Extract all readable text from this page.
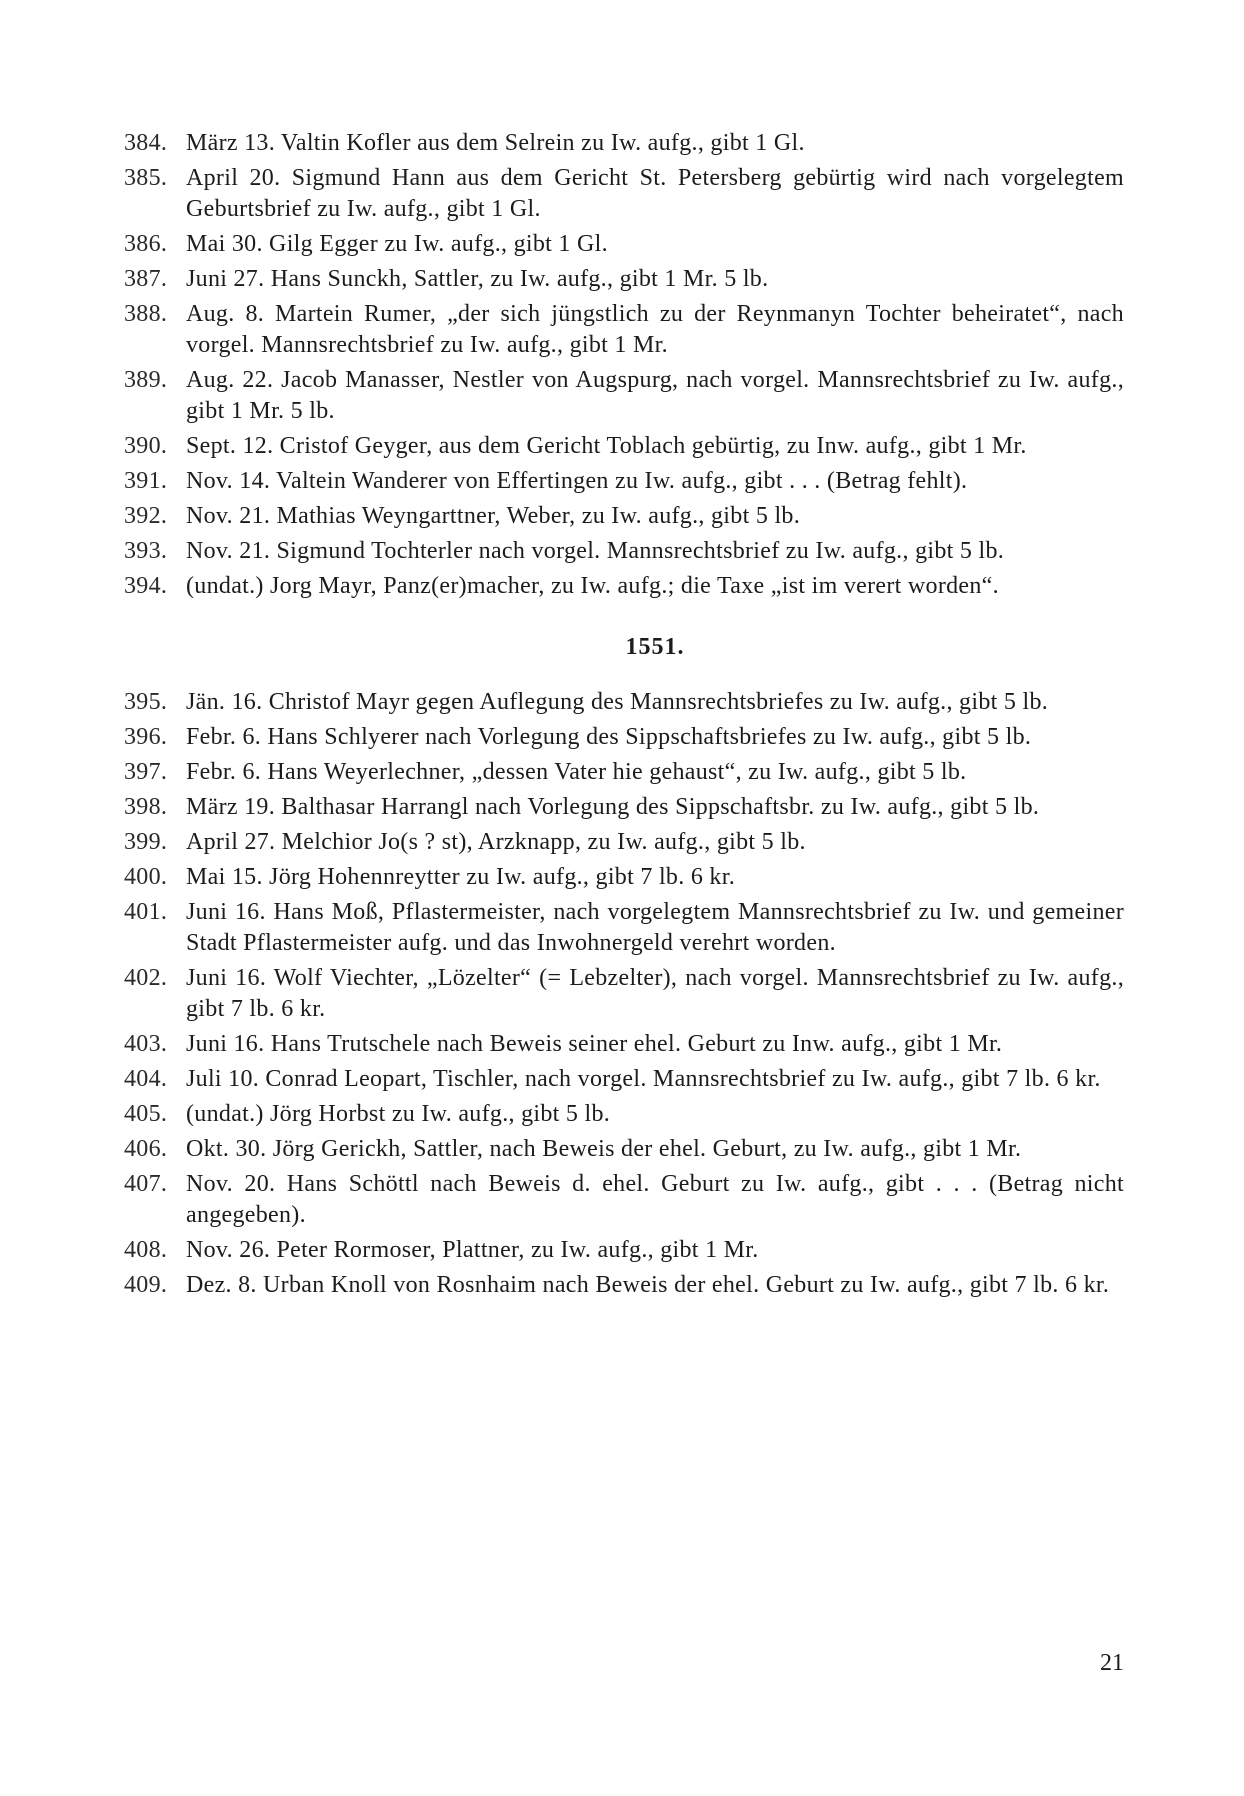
384. März 13. Valtin Kofler aus dem Selrein zu Iw. aufg., gibt 1 Gl.
385. April 20. Sigmund Hann aus dem Gericht St. Petersberg gebürtig wird nach vorgelegtem Geburtsbrief zu Iw. aufg., gibt 1 Gl.
386. Mai 30. Gilg Egger zu Iw. aufg., gibt 1 Gl.
387. Juni 27. Hans Sunckh, Sattler, zu Iw. aufg., gibt 1 Mr. 5 lb.
388. Aug. 8. Martein Rumer, „der sich jüngstlich zu der Reynmanyn Tochter beheiratet“, nach vorgel. Mannsrechtsbrief zu Iw. aufg., gibt 1 Mr.
389. Aug. 22. Jacob Manasser, Nestler von Augspurg, nach vorgel. Mannsrechtsbrief zu Iw. aufg., gibt 1 Mr. 5 lb.
390. Sept. 12. Cristof Geyger, aus dem Gericht Toblach gebürtig, zu Inw. aufg., gibt 1 Mr.
391. Nov. 14. Valtein Wanderer von Effertingen zu Iw. aufg., gibt . . . (Betrag fehlt).
392. Nov. 21. Mathias Weyngarttner, Weber, zu Iw. aufg., gibt 5 lb.
393. Nov. 21. Sigmund Tochterler nach vorgel. Mannsrechtsbrief zu Iw. aufg., gibt 5 lb.
394. (undat.) Jorg Mayr, Panz(er)macher, zu Iw. aufg.; die Taxe „ist im verert worden“.
1551.
395. Jän. 16. Christof Mayr gegen Auflegung des Mannsrechtsbriefes zu Iw. aufg., gibt 5 lb.
396. Febr. 6. Hans Schlyerer nach Vorlegung des Sippschaftsbriefes zu Iw. aufg., gibt 5 lb.
397. Febr. 6. Hans Weyerlechner, „dessen Vater hie gehaust“, zu Iw. aufg., gibt 5 lb.
398. März 19. Balthasar Harrangl nach Vorlegung des Sippschaftsbr. zu Iw. aufg., gibt 5 lb.
399. April 27. Melchior Jo(s ? st), Arzknapp, zu Iw. aufg., gibt 5 lb.
400. Mai 15. Jörg Hohennreytter zu Iw. aufg., gibt 7 lb. 6 kr.
401. Juni 16. Hans Moß, Pflastermeister, nach vorgelegtem Mannsrechtsbrief zu Iw. und gemeiner Stadt Pflastermeister aufg. und das Inwohnergeld verehrt worden.
402. Juni 16. Wolf Viechter, „Lözelter“ (= Lebzelter), nach vorgel. Mannsrechtsbrief zu Iw. aufg., gibt 7 lb. 6 kr.
403. Juni 16. Hans Trutschele nach Beweis seiner ehel. Geburt zu Inw. aufg., gibt 1 Mr.
404. Juli 10. Conrad Leopart, Tischler, nach vorgel. Mannsrechtsbrief zu Iw. aufg., gibt 7 lb. 6 kr.
405. (undat.) Jörg Horbst zu Iw. aufg., gibt 5 lb.
406. Okt. 30. Jörg Gerickh, Sattler, nach Beweis der ehel. Geburt, zu Iw. aufg., gibt 1 Mr.
407. Nov. 20. Hans Schöttl nach Beweis d. ehel. Geburt zu Iw. aufg., gibt . . . (Betrag nicht angegeben).
408. Nov. 26. Peter Rormoser, Plattner, zu Iw. aufg., gibt 1 Mr.
409. Dez. 8. Urban Knoll von Rosnhaim nach Beweis der ehel. Geburt zu Iw. aufg., gibt 7 lb. 6 kr.
21
